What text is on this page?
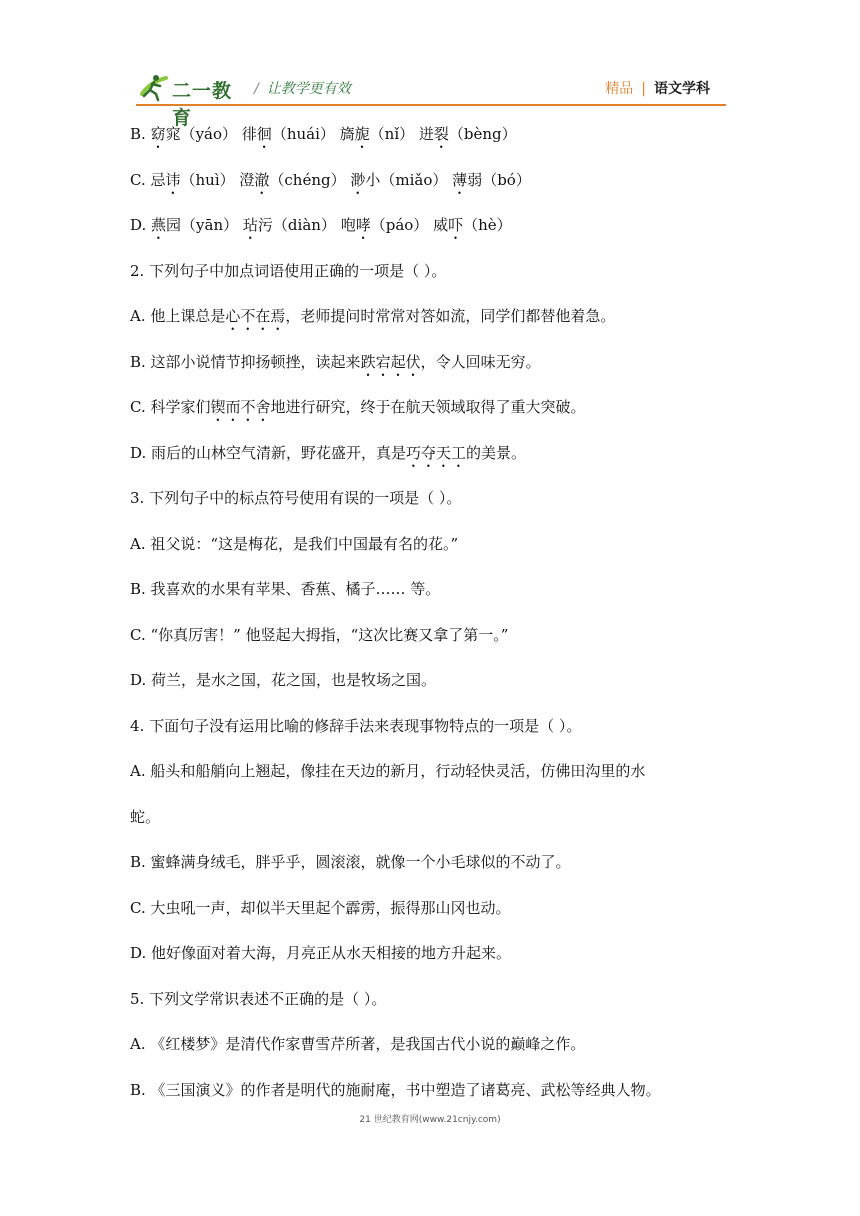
二一教育
/ 让教学更有效	精品 | 语文学科
B. 窈窕（yáo） 徘徊（huái） 旖旎（nǐ） 迸裂（bèng）
C. 忌讳（huì） 澄澈（chéng） 渺小（miǎo） 薄弱（bó）
D. 燕园（yān） 玷污（diàn） 咆哮（páo） 威吓（hè）
2. 下列句子中加点词语使用正确的一项是（ ）。
A. 他上课总是心不在焉，老师提问时常常对答如流，同学们都替他着急。
B. 这部小说情节抑扬顿挫，读起来跌宕起伏，令人回味无穷。
C. 科学家们锲而不舍地进行研究，终于在航天领域取得了重大突破。
D. 雨后的山林空气清新，野花盛开，真是巧夺天工的美景。
3. 下列句子中的标点符号使用有误的一项是（ ）。
A. 祖父说：“这是梅花，是我们中国最有名的花。”
B. 我喜欢的水果有苹果、香蕉、橘子…… 等。
C. “你真厉害！” 他竖起大拇指，“这次比赛又拿了第一。”
D. 荷兰，是水之国，花之国，也是牧场之国。
4. 下面句子没有运用比喻的修辞手法来表现事物特点的一项是（ ）。
A. 船头和船艄向上翘起，像挂在天边的新月，行动轻快灵活，仿佛田沟里的水
蛇。
B. 蜜蜂满身绒毛，胖乎乎，圆滚滚，就像一个小毛球似的不动了。
C. 大虫吼一声，却似半天里起个霹雳，振得那山冈也动。
D. 他好像面对着大海，月亮正从水天相接的地方升起来。
5. 下列文学常识表述不正确的是（ ）。
A. 《红楼梦》是清代作家曹雪芹所著，是我国古代小说的巅峰之作。
B. 《三国演义》的作者是明代的施耐庵，书中塑造了诸葛亮、武松等经典人物。
21 世纪教育网(www.21cnjy.com)
